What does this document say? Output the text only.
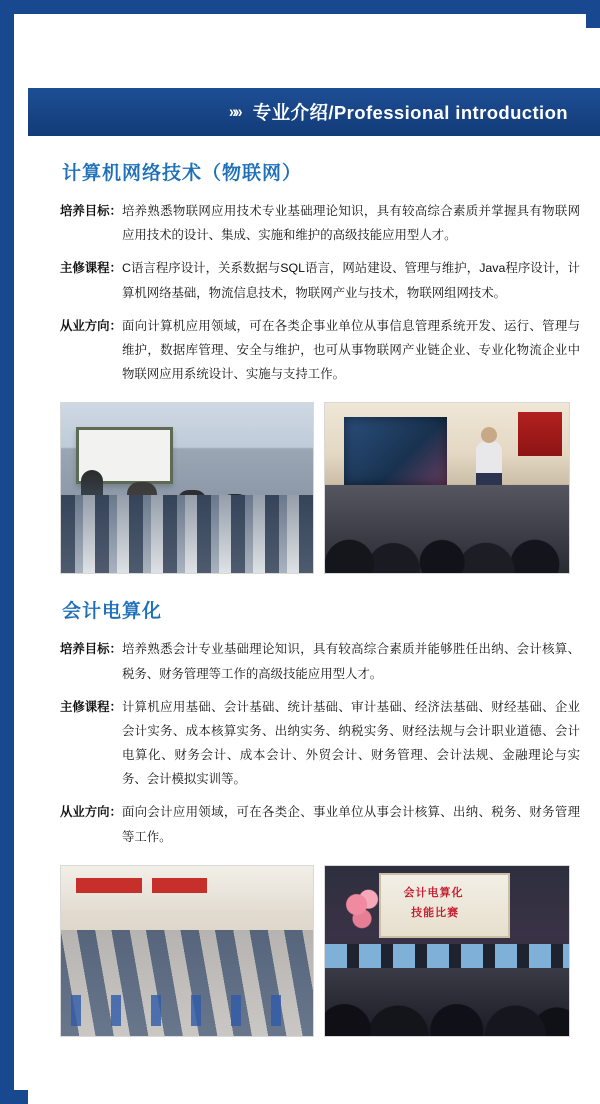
»» 专业介绍/Professional introduction
计算机网络技术（物联网）
培养目标： 培养熟悉物联网应用技术专业基础理论知识，具有较高综合素质并掌握具有物联网应用技术的设计、集成、实施和维护的高级技能应用型人才。
主修课程： C语言程序设计，关系数据与SQL语言，网站建设、管理与维护，Java程序设计，计算机网络基础，物流信息技术，物联网产业与技术，物联网组网技术。
从业方向： 面向计算机应用领域，可在各类企事业单位从事信息管理系统开发、运行、管理与维护，数据库管理、安全与维护，也可从事物联网产业链企业、专业化物流企业中物联网应用系统设计、实施与支持工作。
会计电算化
培养目标： 培养熟悉会计专业基础理论知识，具有较高综合素质并能够胜任出纳、会计核算、税务、财务管理等工作的高级技能应用型人才。
主修课程： 计算机应用基础、会计基础、统计基础、审计基础、经济法基础、财经基础、企业会计实务、成本核算实务、出纳实务、纳税实务、财经法规与会计职业道德、会计电算化、财务会计、成本会计、外贸会计、财务管理、会计法规、金融理论与实务、会计模拟实训等。
从业方向： 面向会计应用领域，可在各类企、事业单位从事会计核算、出纳、税务、财务管理等工作。
会计电算化
技能比赛
